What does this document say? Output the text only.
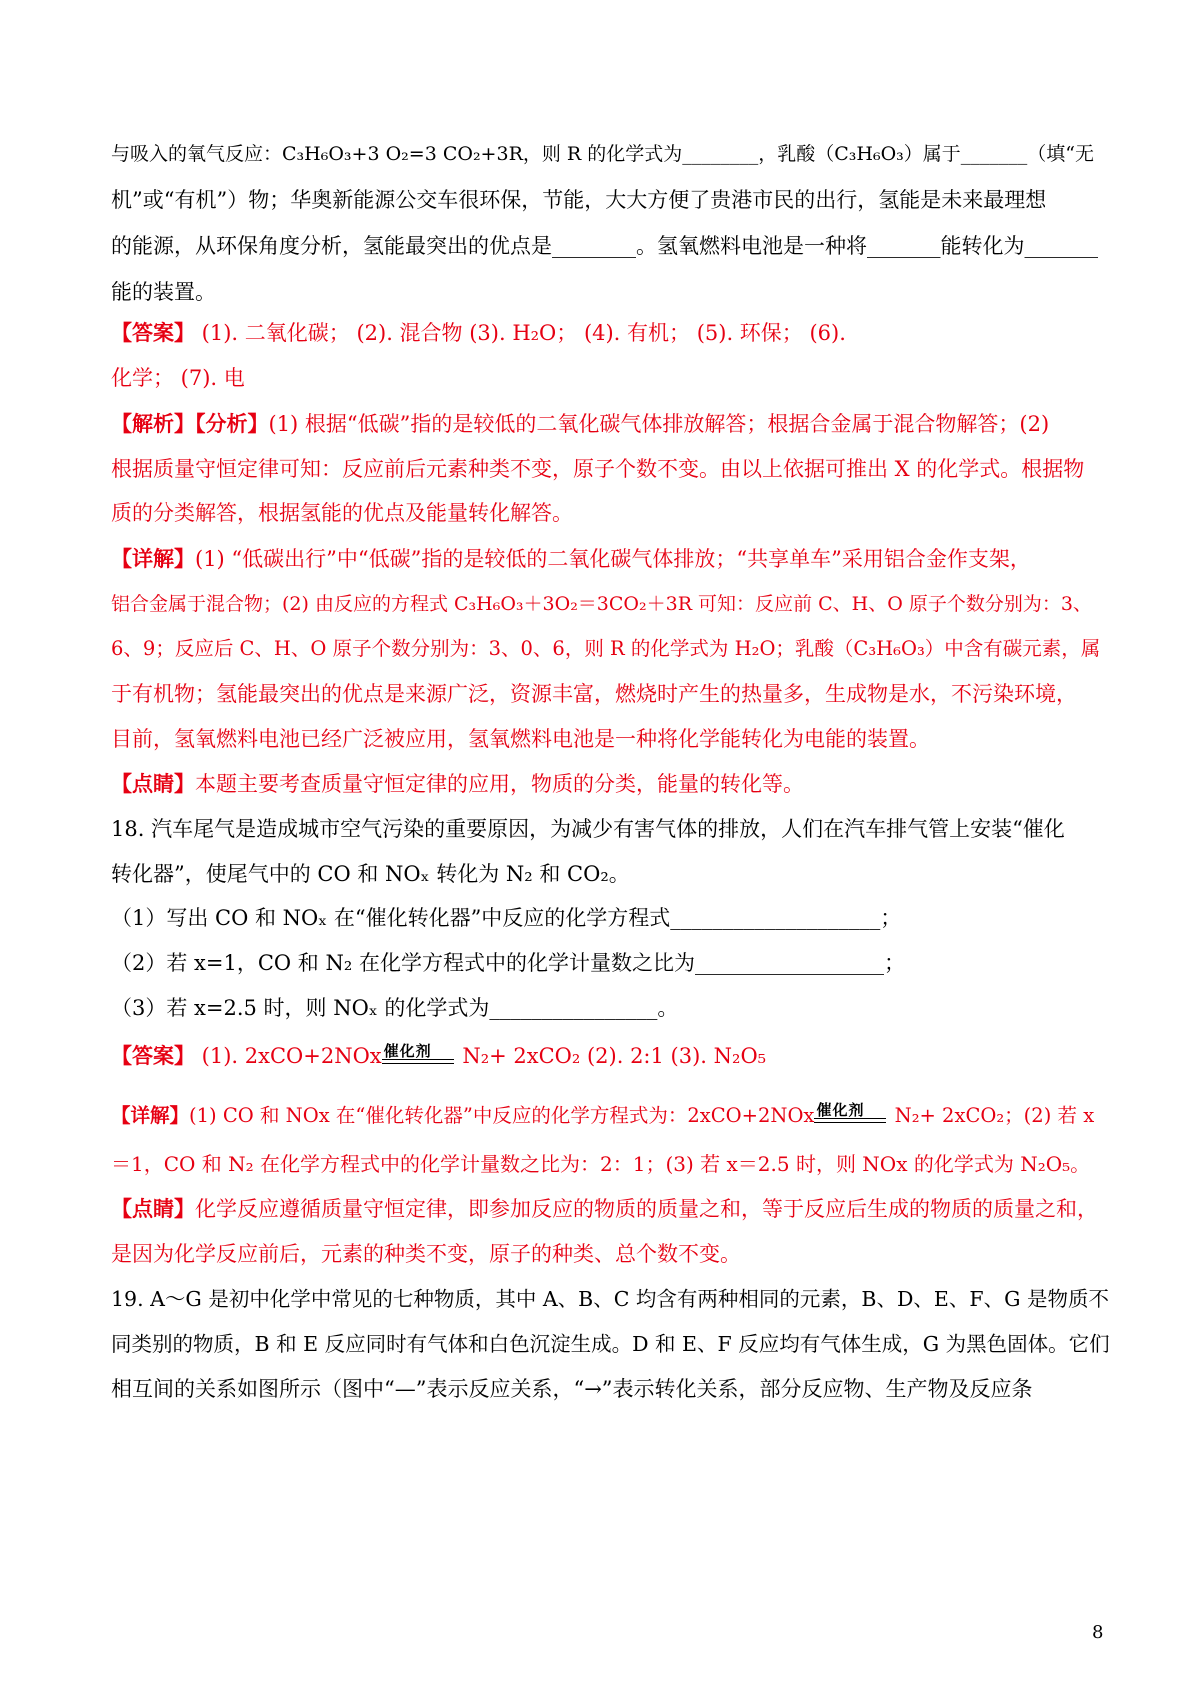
与吸入的氧气反应：C₃H₆O₃+3 O₂=3 CO₂+3R，则 R 的化学式为________，乳酸（C₃H₆O₃）属于_______（填“无
机”或“有机”）物；华奥新能源公交车很环保，节能，大大方便了贵港市民的出行，氢能是未来最理想
的能源，从环保角度分析，氢能最突出的优点是________。氢氧燃料电池是一种将_______能转化为_______
能的装置。
【答案】 (1). 二氧化碳； (2). 混合物 (3). H₂O； (4). 有机； (5). 环保； (6).
化学； (7). 电
【解析】【分析】(1) 根据“低碳”指的是较低的二氧化碳气体排放解答；根据合金属于混合物解答；(2)
根据质量守恒定律可知：反应前后元素种类不变，原子个数不变。由以上依据可推出 X 的化学式。根据物
质的分类解答，根据氢能的优点及能量转化解答。
【详解】(1) “低碳出行”中“低碳”指的是较低的二氧化碳气体排放；“共享单车”采用铝合金作支架，
铝合金属于混合物；(2) 由反应的方程式 C₃H₆O₃＋3O₂＝3CO₂＋3R 可知：反应前 C、H、O 原子个数分别为：3、
6、9；反应后 C、H、O 原子个数分别为：3、0、6，则 R 的化学式为 H₂O；乳酸（C₃H₆O₃）中含有碳元素，属
于有机物；氢能最突出的优点是来源广泛，资源丰富，燃烧时产生的热量多，生成物是水，不污染环境，
目前，氢氧燃料电池已经广泛被应用，氢氧燃料电池是一种将化学能转化为电能的装置。
【点睛】本题主要考查质量守恒定律的应用，物质的分类，能量的转化等。
18. 汽车尾气是造成城市空气污染的重要原因，为减少有害气体的排放，人们在汽车排气管上安装“催化
转化器”，使尾气中的 CO 和 NOₓ 转化为 N₂ 和 CO₂。
（1）写出 CO 和 NOₓ 在“催化转化器”中反应的化学方程式____________________；
（2）若 x=1，CO 和 N₂ 在化学方程式中的化学计量数之比为__________________；
（3）若 x=2.5 时，则 NOₓ 的化学式为________________。
【答案】 (1). 2xCO+2NOx 催化剂 N₂+ 2xCO₂ (2). 2:1 (3). N₂O₅
【详解】(1) CO 和 NOx 在“催化转化器”中反应的化学方程式为：2xCO+2NOx 催化剂 N₂+ 2xCO₂；(2) 若 x
＝1，CO 和 N₂ 在化学方程式中的化学计量数之比为：2：1；(3) 若 x＝2.5 时，则 NOx 的化学式为 N₂O₅。
【点睛】化学反应遵循质量守恒定律，即参加反应的物质的质量之和，等于反应后生成的物质的质量之和，
是因为化学反应前后，元素的种类不变，原子的种类、总个数不变。
19. A～G 是初中化学中常见的七种物质，其中 A、B、C 均含有两种相同的元素，B、D、E、F、G 是物质不
同类别的物质，B 和 E 反应同时有气体和白色沉淀生成。D 和 E、F 反应均有气体生成，G 为黑色固体。它们
相互间的关系如图所示（图中“—”表示反应关系，“→”表示转化关系，部分反应物、生产物及反应条
8
